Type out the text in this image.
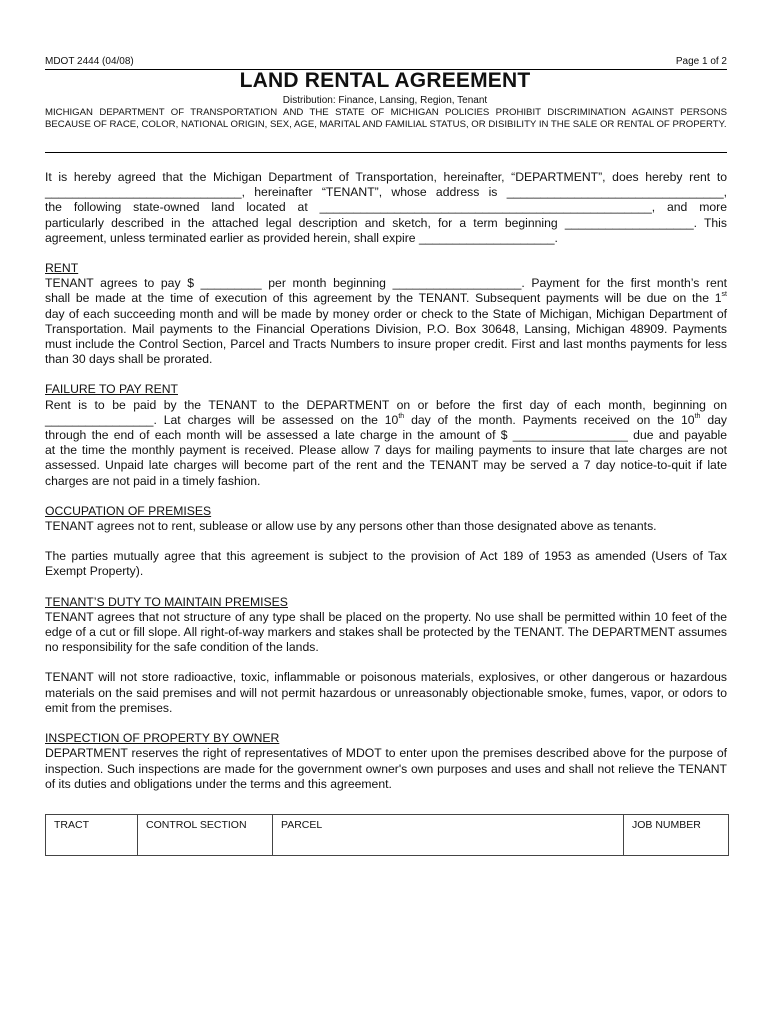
MDOT 2444 (04/08)	Page 1 of 2
LAND RENTAL AGREEMENT
Distribution: Finance, Lansing, Region, Tenant
MICHIGAN DEPARTMENT OF TRANSPORTATION AND THE STATE OF MICHIGAN POLICIES PROHIBIT DISCRIMINATION AGAINST PERSONS BECAUSE OF RACE, COLOR, NATIONAL ORIGIN, SEX, AGE, MARITAL AND FAMILIAL STATUS, OR DISIBILITY IN THE SALE OR RENTAL OF PROPERTY.

It is hereby agreed that the Michigan Department of Transportation, hereinafter, “DEPARTMENT”, does hereby rent to

_____________________________, hereinafter “TENANT”, whose address is ________________________________,

the following state-owned land located at _________________________________________________, and more

particularly described in the attached legal description and sketch, for a term beginning ___________________. This

agreement, unless terminated earlier as provided herein, shall expire ____________________.

RENT

TENANT agrees to pay $ _________ per month beginning ___________________. Payment for the first month’s rent

shall be made at the time of execution of this agreement by the TENANT. Subsequent payments will be due on the 1st

day of each succeeding month and will be made by money order or check to the State of Michigan, Michigan Department of Transportation. Mail payments to the Financial Operations Division, P.O. Box 30648, Lansing, Michigan 48909. Payments must include the Control Section, Parcel and Tracts Numbers to insure proper credit. First and last months payments for less than 30 days shall be prorated.

FAILURE TO PAY RENT

Rent is to be paid by the TENANT to the DEPARTMENT on or before the first day of each month, beginning on

________________. Lat charges will be assessed on the 10th day of the month. Payments received on the 10th day

through the end of each month will be assessed a late charge in the amount of $ _________________ due and payable

at the time the monthly payment is received. Please allow 7 days for mailing payments to insure that late charges are not assessed. Unpaid late charges will become part of the rent and the TENANT may be served a 7 day notice-to-quit if late charges are not paid in a timely fashion.

OCCUPATION OF PREMISES

TENANT agrees not to rent, sublease or allow use by any persons other than those designated above as tenants.

The parties mutually agree that this agreement is subject to the provision of Act 189 of 1953 as amended (Users of Tax Exempt Property).

TENANT’S DUTY TO MAINTAIN PREMISES

TENANT agrees that not structure of any type shall be placed on the property. No use shall be permitted within 10 feet of the edge of a cut or fill slope. All right-of-way markers and stakes shall be protected by the TENANT. The DEPARTMENT assumes no responsibility for the safe condition of the lands.

TENANT will not store radioactive, toxic, inflammable or poisonous materials, explosives, or other dangerous or hazardous materials on the said premises and will not permit hazardous or unreasonably objectionable smoke, fumes, vapor, or odors to emit from the premises.

INSPECTION OF PROPERTY BY OWNER

DEPARTMENT reserves the right of representatives of MDOT to enter upon the premises described above for the purpose of inspection. Such inspections are made for the government owner's own purposes and uses and shall not relieve the TENANT of its duties and obligations under the terms and this agreement.

TRACT	CONTROL SECTION	PARCEL	JOB NUMBER
